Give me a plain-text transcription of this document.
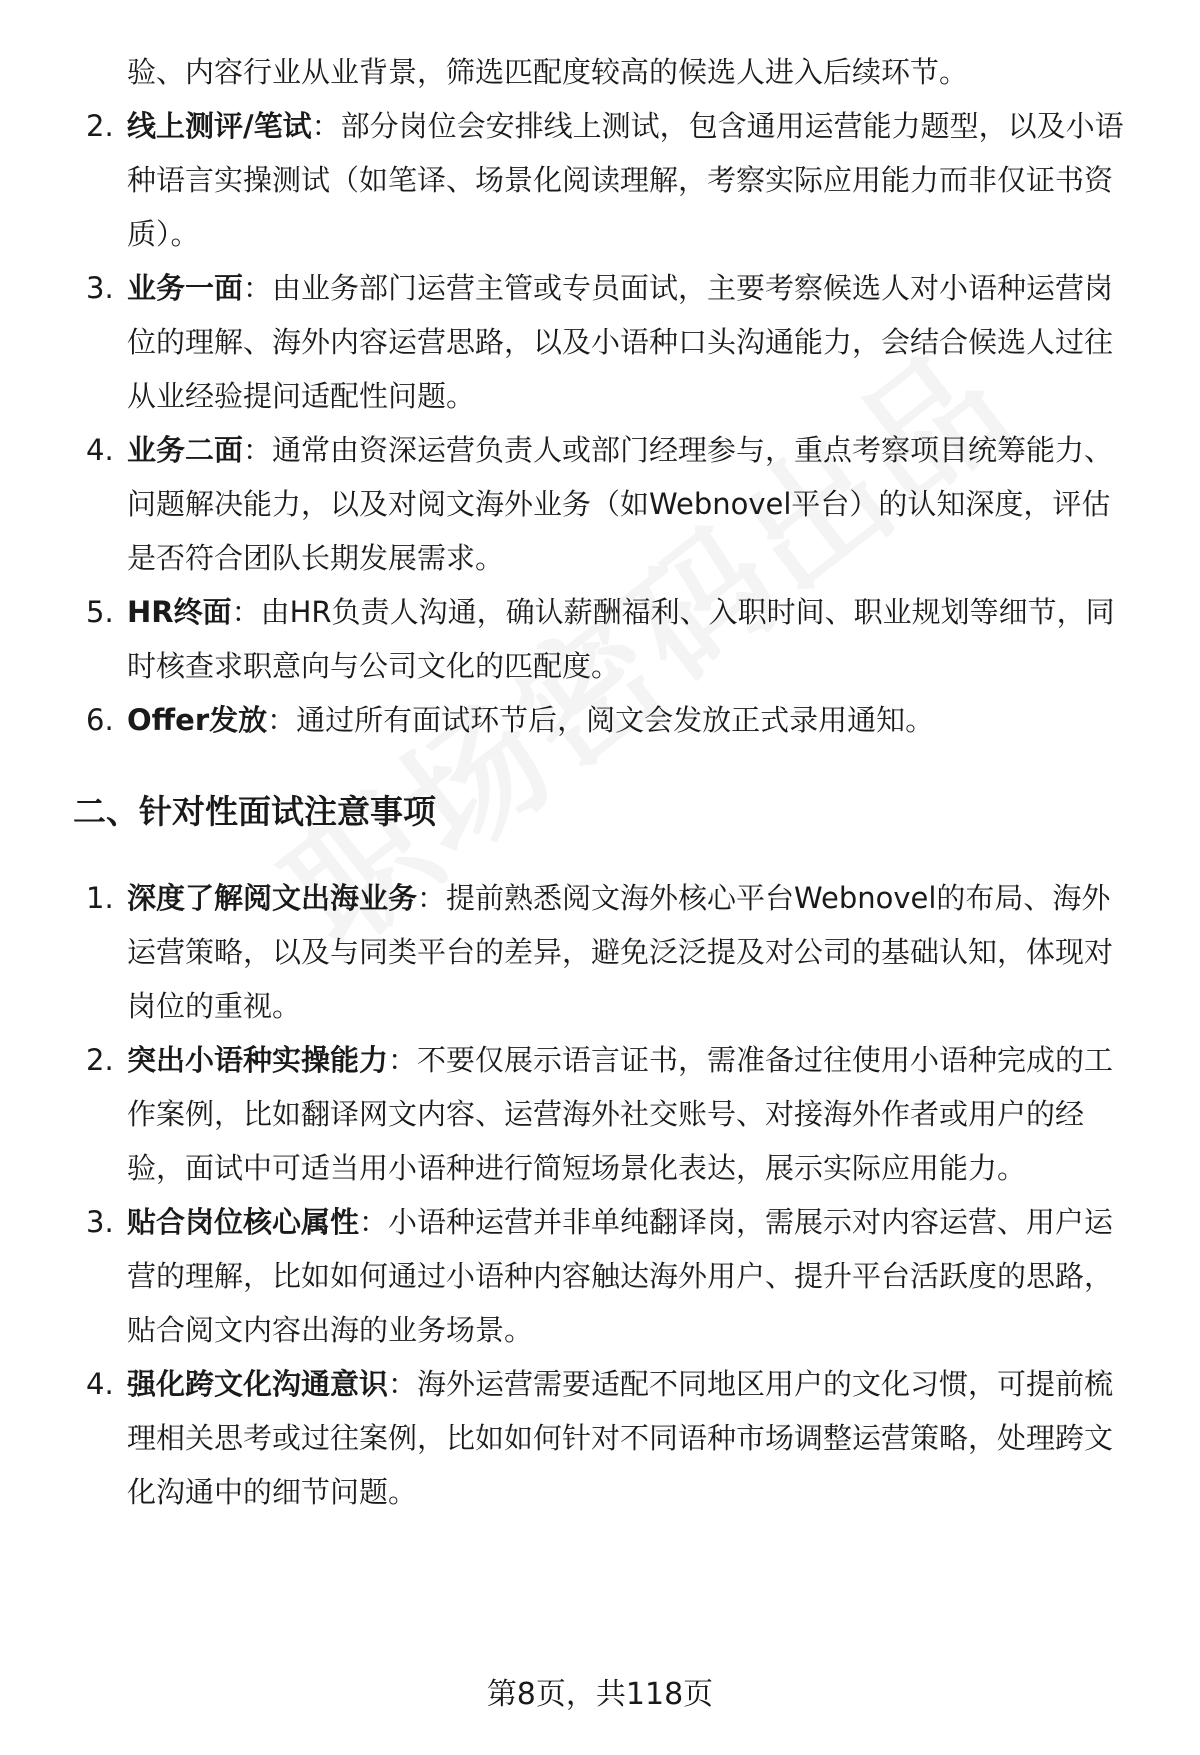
验、内容行业从业背景，筛选匹配度较高的候选人进入后续环节。
2. 线上测评/笔试：部分岗位会安排线上测试，包含通用运营能力题型，以及小语
种语言实操测试（如笔译、场景化阅读理解，考察实际应用能力而非仅证书资
质）。
3. 业务一面：由业务部门运营主管或专员面试，主要考察候选人对小语种运营岗
位的理解、海外内容运营思路，以及小语种口头沟通能力，会结合候选人过往
从业经验提问适配性问题。
4. 业务二面：通常由资深运营负责人或部门经理参与，重点考察项目统筹能力、
问题解决能力，以及对阅文海外业务（如Webnovel平台）的认知深度，评估
是否符合团队长期发展需求。
5. HR终面：由HR负责人沟通，确认薪酬福利、入职时间、职业规划等细节，同
时核查求职意向与公司文化的匹配度。
6. Offer发放：通过所有面试环节后，阅文会发放正式录用通知。
二、针对性面试注意事项
1. 深度了解阅文出海业务：提前熟悉阅文海外核心平台Webnovel的布局、海外
运营策略，以及与同类平台的差异，避免泛泛提及对公司的基础认知，体现对
岗位的重视。
2. 突出小语种实操能力：不要仅展示语言证书，需准备过往使用小语种完成的工
作案例，比如翻译网文内容、运营海外社交账号、对接海外作者或用户的经
验，面试中可适当用小语种进行简短场景化表达，展示实际应用能力。
3. 贴合岗位核心属性：小语种运营并非单纯翻译岗，需展示对内容运营、用户运
营的理解，比如如何通过小语种内容触达海外用户、提升平台活跃度的思路，
贴合阅文内容出海的业务场景。
4. 强化跨文化沟通意识：海外运营需要适配不同地区用户的文化习惯，可提前梳
理相关思考或过往案例，比如如何针对不同语种市场调整运营策略，处理跨文
化沟通中的细节问题。
第8页，共118页
